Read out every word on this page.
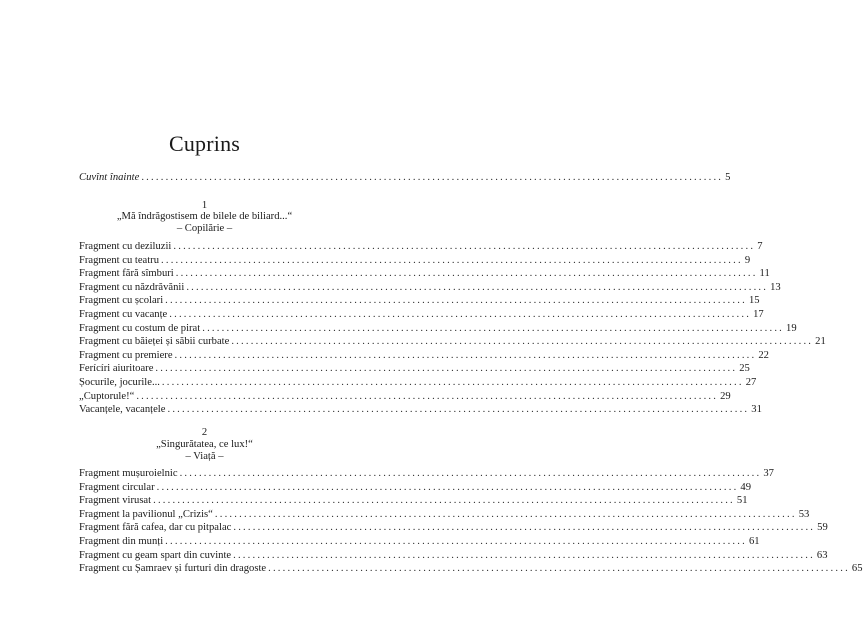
Cuprins
Cuvînt înainte ........................................................................................................................ 5
1
„Mă îndrăgostisem de bilele de biliard...“
– Copilărie –
Fragment cu deziluzii ........................................................................................................................ 7
Fragment cu teatru ........................................................................................................................ 9
Fragment fără sîmburi ........................................................................................................................ 11
Fragment cu năzdrăvănii ........................................................................................................................ 13
Fragment cu școlari ........................................................................................................................ 15
Fragment cu vacanțe ........................................................................................................................ 17
Fragment cu costum de pirat ........................................................................................................................ 19
Fragment cu băieței și săbii curbate ........................................................................................................................ 21
Fragment cu premiere ........................................................................................................................ 22
Ferícíri aiuritoare ........................................................................................................................ 25
Șocurile, jocurile... ........................................................................................................................ 27
„Cuptorule!“ ........................................................................................................................ 29
Vacanțele, vacanțele ........................................................................................................................ 31
2
„Singurătatea, ce lux!“
– Viață –
Fragment mușuroielnic ........................................................................................................................ 37
Fragment circular ........................................................................................................................ 49
Fragment virusat ........................................................................................................................ 51
Fragment la pavilionul „Crizis“ ........................................................................................................................ 53
Fragment fără cafea, dar cu pitpalac ........................................................................................................................ 59
Fragment din munți ........................................................................................................................ 61
Fragment cu geam spart din cuvinte ........................................................................................................................ 63
Fragment cu Șamraev și furturi din dragoste ........................................................................................................................ 65
